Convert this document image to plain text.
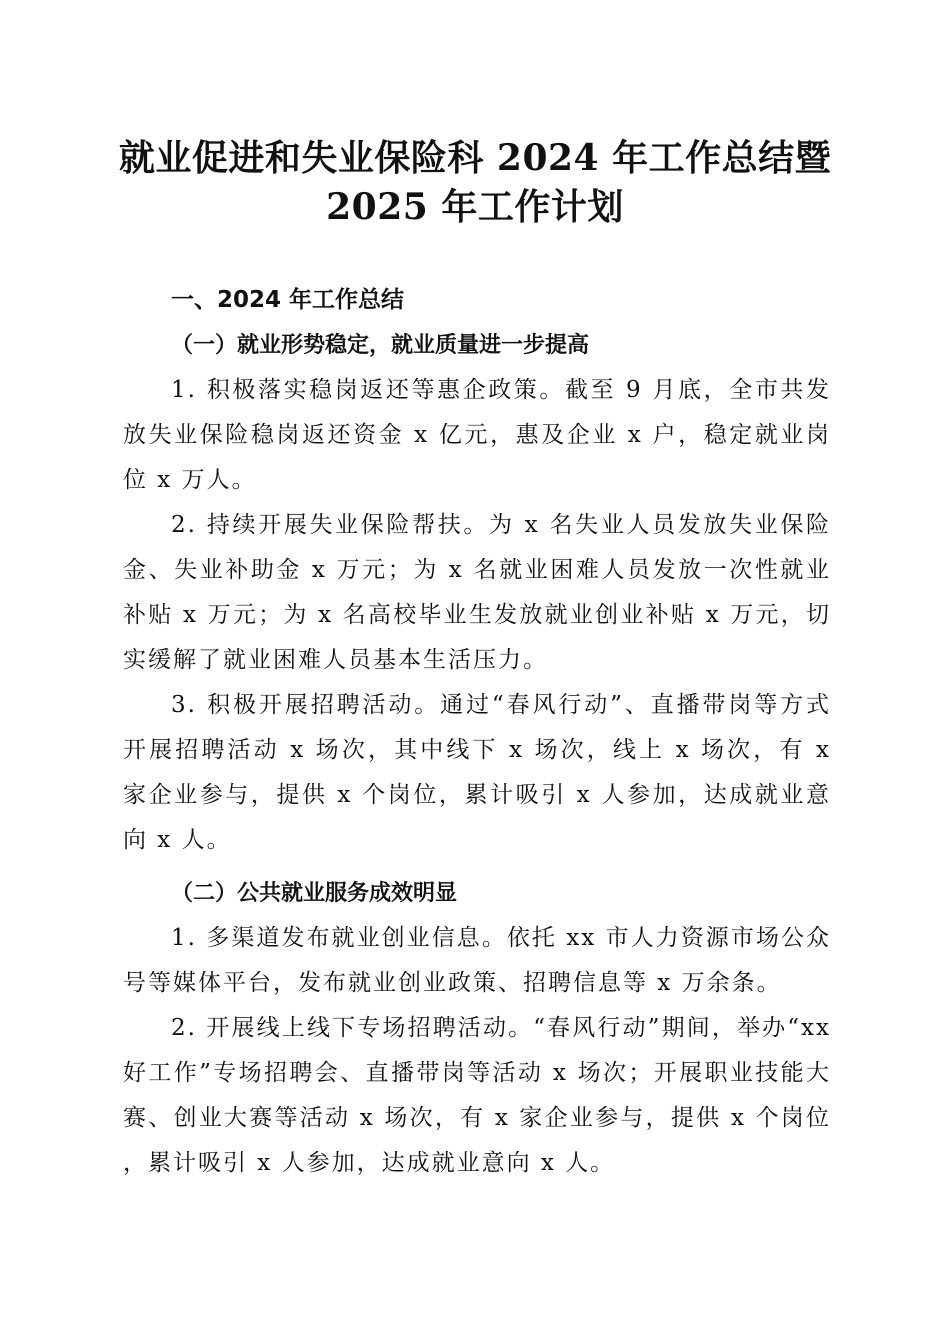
就业促进和失业保险科 2024 年工作总结暨
2025 年工作计划
一、2024 年工作总结
（一）就业形势稳定，就业质量进一步提高

1. 积极落实稳岗返还等惠企政策。截至 9 月底，全市共发放失业保险稳岗返还资金 x 亿元，惠及企业 x 户，稳定就业岗位 x 万人。

2. 持续开展失业保险帮扶。为 x 名失业人员发放失业保险金、失业补助金 x 万元；为 x 名就业困难人员发放一次性就业补贴 x 万元；为 x 名高校毕业生发放就业创业补贴 x 万元，切实缓解了就业困难人员基本生活压力。

3. 积极开展招聘活动。通过“春风行动”、直播带岗等方式开展招聘活动 x 场次，其中线下 x 场次，线上 x 场次，有 x 家企业参与，提供 x 个岗位，累计吸引 x 人参加，达成就业意向 x 人。

（二）公共就业服务成效明显

1. 多渠道发布就业创业信息。依托 xx 市人力资源市场公众号等媒体平台，发布就业创业政策、招聘信息等 x 万余条。

2. 开展线上线下专场招聘活动。“春风行动”期间，举办“xx 好工作”专场招聘会、直播带岗等活动 x 场次；开展职业技能大赛、创业大赛等活动 x 场次，有 x 家企业参与，提供 x 个岗位，累计吸引 x 人参加，达成就业意向 x 人。
